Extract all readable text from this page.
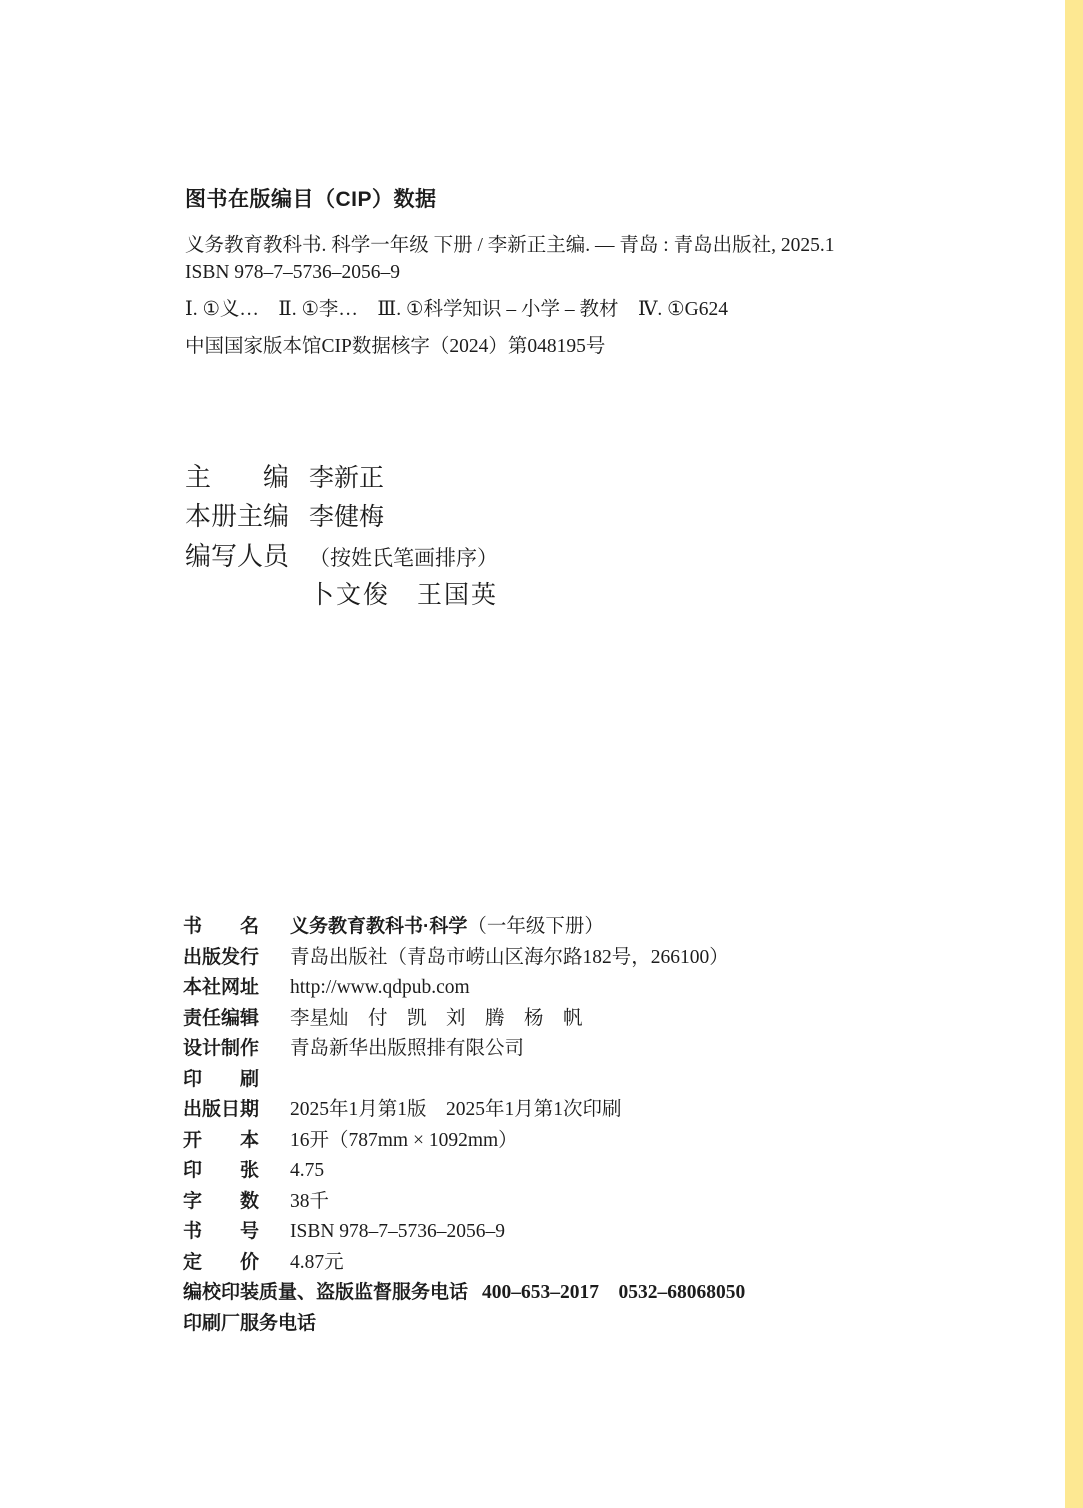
图书在版编目（CIP）数据
义务教育教科书. 科学一年级 下册 / 李新正主编. — 青岛 : 青岛出版社, 2025.1
ISBN 978–7–5736–2056–9
Ⅰ. ①义…　Ⅱ. ①李…　Ⅲ. ①科学知识 – 小学 – 教材　Ⅳ. ①G624
中国国家版本馆CIP数据核字（2024）第048195号
主　　编 李新正
本册主编 李健梅
编写人员 （按姓氏笔画排序）
卜文俊　王国英
书　　名 义务教育教科书·科学（一年级下册）
出版发行 青岛出版社（青岛市崂山区海尔路182号，266100）
本社网址 http://www.qdpub.com
责任编辑 李星灿　付　凯　刘　腾　杨　帆
设计制作 青岛新华出版照排有限公司
印　　刷
出版日期 2025年1月第1版　2025年1月第1次印刷
开　　本 16开（787mm × 1092mm）
印　　张 4.75
字　　数 38千
书　　号 ISBN 978–7–5736–2056–9
定　　价 4.87元
编校印装质量、盗版监督服务电话 400–653–2017　0532–68068050
印刷厂服务电话
